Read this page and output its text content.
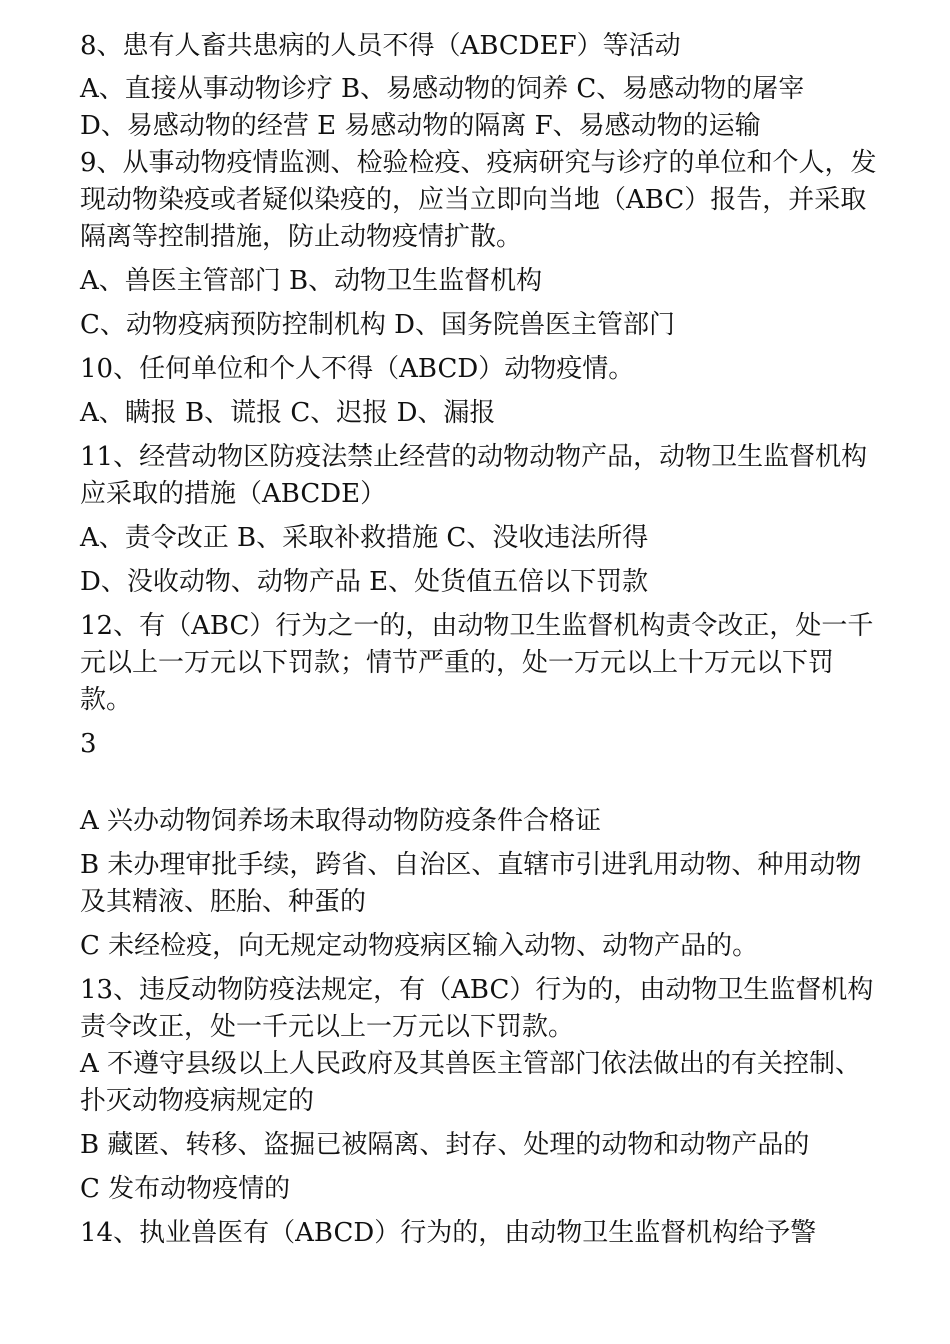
8、患有人畜共患病的人员不得（ABCDEF）等活动

A、直接从事动物诊疗 B、易感动物的饲养 C、易感动物的屠宰

D、易感动物的经营 E 易感动物的隔离 F、易感动物的运输

9、从事动物疫情监测、检验检疫、疫病研究与诊疗的单位和个人，发现动物染疫或者疑似染疫的，应当立即向当地（ABC）报告，并采取隔离等控制措施，防止动物疫情扩散。

A、兽医主管部门 B、动物卫生监督机构

C、动物疫病预防控制机构 D、国务院兽医主管部门

10、任何单位和个人不得（ABCD）动物疫情。

A、瞒报 B、谎报 C、迟报 D、漏报

11、经营动物区防疫法禁止经营的动物动物产品，动物卫生监督机构应采取的措施（ABCDE）

A、责令改正 B、采取补救措施 C、没收违法所得

D、没收动物、动物产品 E、处货值五倍以下罚款

12、有（ABC）行为之一的，由动物卫生监督机构责令改正，处一千元以上一万元以下罚款；情节严重的，处一万元以上十万元以下罚款。

3

A 兴办动物饲养场未取得动物防疫条件合格证

B 未办理审批手续，跨省、自治区、直辖市引进乳用动物、种用动物及其精液、胚胎、种蛋的

C 未经检疫，向无规定动物疫病区输入动物、动物产品的。

13、违反动物防疫法规定，有（ABC）行为的，由动物卫生监督机构责令改正，处一千元以上一万元以下罚款。

A 不遵守县级以上人民政府及其兽医主管部门依法做出的有关控制、扑灭动物疫病规定的

B 藏匿、转移、盗掘已被隔离、封存、处理的动物和动物产品的

C 发布动物疫情的

14、执业兽医有（ABCD）行为的，由动物卫生监督机构给予警
